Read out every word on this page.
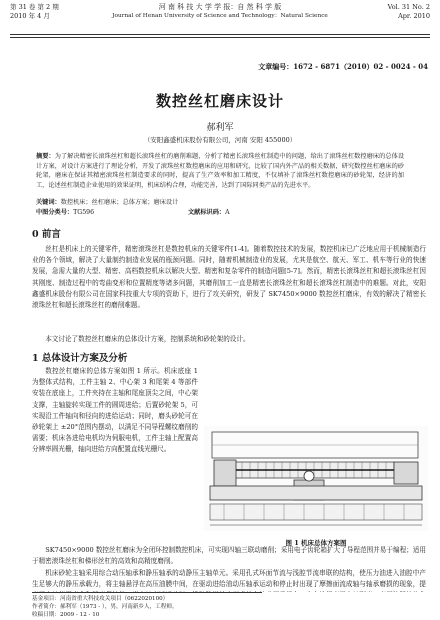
第 31 卷 第 2 期
2010 年 4 月
河 南 科 技 大 学 学 报：自 然 科 学 版
Journal of Henan University of Science and Technology：Natural Science
Vol. 31 No. 2
Apr. 2010
文章编号：1672 - 6871（2010）02 - 0024 - 04
数控丝杠磨床设计
郝利军
（安阳鑫盛机床股份有限公司，河南 安阳 455000）
摘要：为了解决精密长滚珠丝杠和超长滚珠丝杠的磨削难题，分析了精密长滚珠丝杠制造中的问题，给出了滚珠丝杠数控磨床的总体设计方案，对设计方案进行了理论分析，开发了滚珠丝杠数控磨床的应用和研究，比较了国内外产品的相关数据，研究数控丝杠磨床的砂轮架，磨床在保证其精密滚珠丝杠制造要求的同时，提高了生产效率和加工精度，不仅填补了滚珠丝杠数控磨床的砂轮架，经济的加工，论述丝杠制造企业使用的效果证明，机床结构合理，功能完善，达到了国际同类产品的先进水平。
关键词：数控机床；丝杠磨床；总体方案；磨床设计
中图分类号：TG596	文献标识码：A
0 前言
丝杠是机床上的关键零件，精密滚珠丝杠是数控机床的关键零件[1-4]。随着数控技术的发展，数控机床已广泛地应用于机械制造行业的各个领域，解决了大量制约制造业发展的瓶颈问题。同时，随着机械制造业的发展，尤其是航空、航天、军工、机车等行业的快速发展，急需大量的大型、精密、高档数控机床以解决大型、精密和复杂零件的制造问题[5-7]。然而，精密长滚珠丝杠和超长滚珠丝杠因其刚度、制造过程中的弯曲变形和位置精度等诸多问题，其磨削加工一直是精密长滚珠丝杠和超长滚珠丝杠制造中的难题。对此，安阳鑫盛机床股份有限公司在国家科技重大专项的资助下，进行了攻关研究，研发了 SK7450×9000 数控丝杠磨床，有效的解决了精密长滚珠丝杠和超长滚珠丝杠的磨削难题。
本文讨论了数控丝杠磨床的总体设计方案，控制系统和砂轮架的设计。
1 总体设计方案及分析
数控丝杠磨床的总体方案如图 1 所示。机床底座 1 为整体式结构，工件主轴 2、中心架 3 和尾架 4 等部件安装在底座上，工件夹持在主轴和尾座顶尖之间，中心架支撑，主轴旋转实现工件的圆周进给；后置砂轮架 5，可实现沿工件轴向和径向的进给运动；同时，磨头砂轮可在砂轮架上 ±20°范围内摆动，以满足不同导程螺纹磨削的需要；机床各进给电机均为伺服电机，工件主轴上配置高分辨率圆光栅，轴向进给方向配置直线光栅尺。
图 1 机床总体方案图
SK7450×9000 数控丝杠磨床为全闭环控制数控机床，可实现四轴三联动磨削；采用电子齿轮箱扩大了导程范围并易于编程；适用于精密滚珠丝杠和梯形丝杠的高效和高精度磨削。
机床砂轮主轴采用综合动压轴承和静压轴承的动静压主轴单元。采用孔式环面节流与浅腔节流串联的结构，使压力油进入油腔中产生足够大的静压承载力，将主轴悬浮在高压油膜中间，在驱动进给油动压轴承运动和停止时出现了摩擦面流成轴与轴承磨损的现象，提
基金项目：河南省重大科技攻关项目（0622020100）
作者简介：郝利军（1973 - ），男，河南新乡人，工程师。
收稿日期：2009 - 12 - 10
